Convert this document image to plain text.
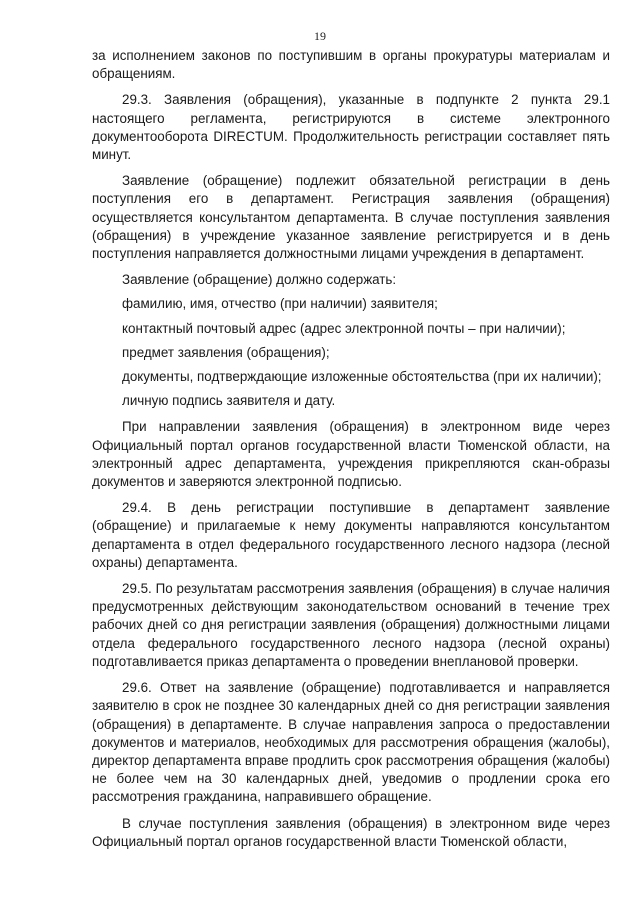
19

за исполнением законов по поступившим в органы прокуратуры материалам и обращениям.

29.3. Заявления (обращения), указанные в подпункте 2 пункта 29.1 настоящего регламента, регистрируются в системе электронного документооборота DIRECTUM. Продолжительность регистрации составляет пять минут.

Заявление (обращение) подлежит обязательной регистрации в день поступления его в департамент. Регистрация заявления (обращения) осуществляется консультантом департамента. В случае поступления заявления (обращения) в учреждение указанное заявление регистрируется и в день поступления направляется должностными лицами учреждения в департамент.

Заявление (обращение) должно содержать:

фамилию, имя, отчество (при наличии) заявителя;

контактный почтовый адрес (адрес электронной почты – при наличии);

предмет заявления (обращения);

документы, подтверждающие изложенные обстоятельства (при их наличии);

личную подпись заявителя и дату.

При направлении заявления (обращения) в электронном виде через Официальный портал органов государственной власти Тюменской области, на электронный адрес департамента, учреждения прикрепляются скан-образы документов и заверяются электронной подписью.

29.4. В день регистрации поступившие в департамент заявление (обращение) и прилагаемые к нему документы направляются консультантом департамента в отдел федерального государственного лесного надзора (лесной охраны) департамента.

29.5. По результатам рассмотрения заявления (обращения) в случае наличия предусмотренных действующим законодательством оснований в течение трех рабочих дней со дня регистрации заявления (обращения) должностными лицами отдела федерального государственного лесного надзора (лесной охраны) подготавливается приказ департамента о проведении внеплановой проверки.

29.6. Ответ на заявление (обращение) подготавливается и направляется заявителю в срок не позднее 30 календарных дней со дня регистрации заявления (обращения) в департаменте. В случае направления запроса о предоставлении документов и материалов, необходимых для рассмотрения обращения (жалобы), директор департамента вправе продлить срок рассмотрения обращения (жалобы) не более чем на 30 календарных дней, уведомив о продлении срока его рассмотрения гражданина, направившего обращение.

В случае поступления заявления (обращения) в электронном виде через Официальный портал органов государственной власти Тюменской области,
